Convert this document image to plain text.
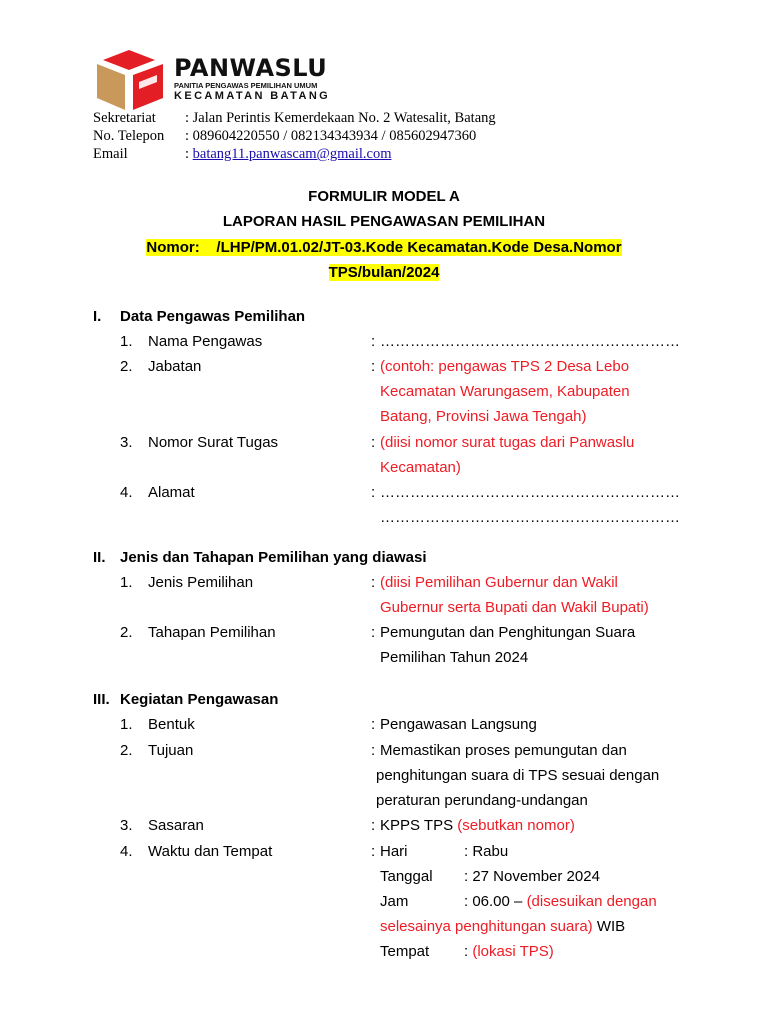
PANWASLU
PANITIA PENGAWAS PEMILIHAN UMUM
KECAMATAN BATANG
Sekretariat : Jalan Perintis Kemerdekaan No. 2 Watesalit, Batang
No. Telepon : 089604220550 / 082134343934 / 085602947360
Email	: batang11.panwascam@gmail.com
FORMULIR MODEL A
LAPORAN HASIL PENGAWASAN PEMILIHAN
Nomor:    /LHP/PM.01.02/JT-03.Kode Kecamatan.Kode Desa.Nomor
TPS/bulan/2024
I. Data Pengawas Pemilihan
1. Nama Pengawas	: ……………………………………………………
2. Jabatan	: (contoh: pengawas TPS 2 Desa Lebo
Kecamatan Warungasem, Kabupaten
Batang, Provinsi Jawa Tengah)
3. Nomor Surat Tugas	: (diisi nomor surat tugas dari Panwaslu
Kecamatan)
4. Alamat	: ……………………………………………………
……………………………………………………
II. Jenis dan Tahapan Pemilihan yang diawasi
1. Jenis Pemilihan	: (diisi Pemilihan Gubernur dan Wakil
Gubernur serta Bupati dan Wakil Bupati)
2. Tahapan Pemilihan	: Pemungutan dan Penghitungan Suara
Pemilihan Tahun 2024
III. Kegiatan Pengawasan
1. Bentuk	: Pengawasan Langsung
2. Tujuan	: Memastikan proses pemungutan dan
penghitungan suara di TPS sesuai dengan
peraturan perundang-undangan
3. Sasaran	: KPPS TPS (sebutkan nomor)
4. Waktu dan Tempat	: Hari	: Rabu
Tanggal : 27 November 2024
Jam	: 06.00 – (disesuikan dengan
selesainya penghitungan suara) WIB
Tempat : (lokasi TPS)
